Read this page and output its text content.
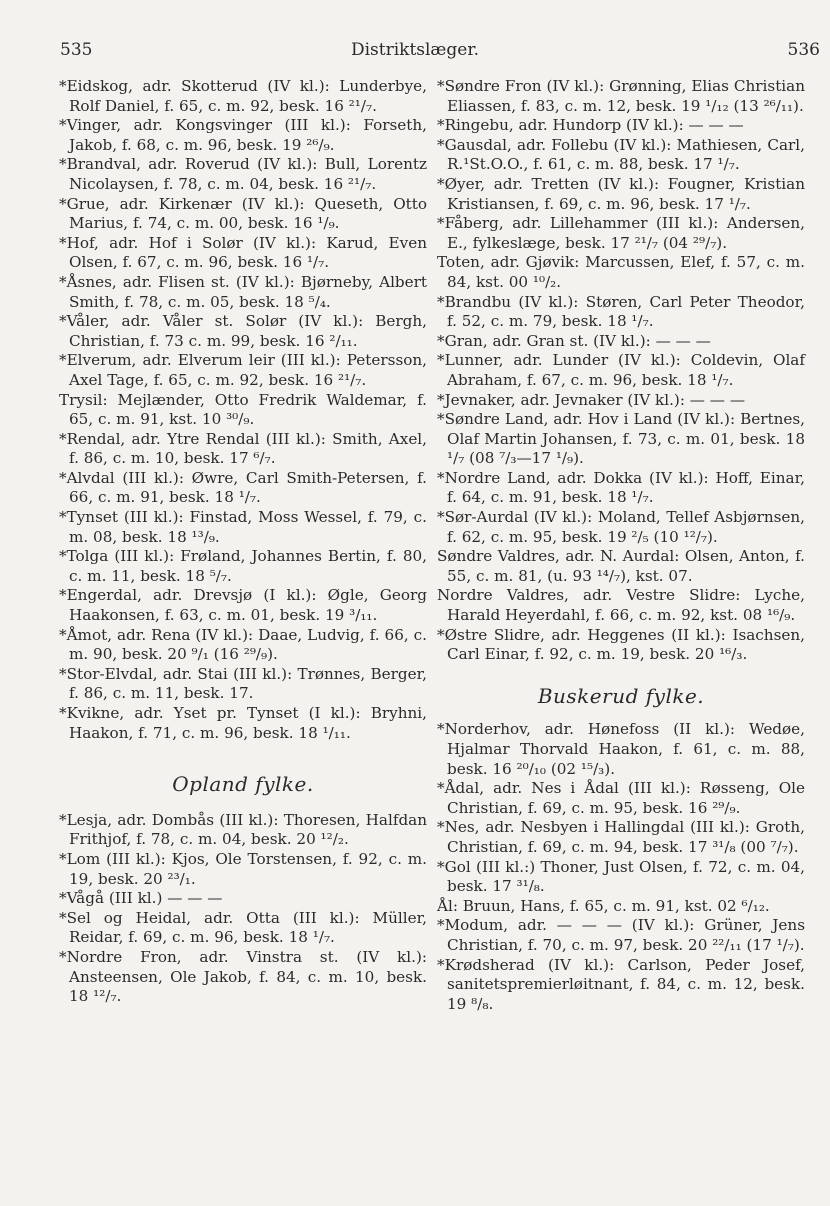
535	Distriktslæger.	536

*Eidskog, adr. Skotterud (IV kl.): Lunderbye, Rolf Daniel, f. 65, c. m. 92, besk. 16 ²¹/₇.

*Vinger, adr. Kongsvinger (III kl.): Forseth, Jakob, f. 68, c. m. 96, besk. 19 ²⁶/₉.

*Brandval, adr. Roverud (IV kl.): Bull, Lorentz Nicolaysen, f. 78, c. m. 04, besk. 16 ²¹/₇.

*Grue, adr. Kirkenær (IV kl.): Queseth, Otto Marius, f. 74, c. m. 00, besk. 16 ¹/₉.

*Hof, adr. Hof i Solør (IV kl.): Karud, Even Olsen, f. 67, c. m. 96, besk. 16 ¹/₇.

*Åsnes, adr. Flisen st. (IV kl.): Bjørneby, Albert Smith, f. 78, c. m. 05, besk. 18 ⁵/₄.

*Våler, adr. Våler st. Solør (IV kl.): Bergh, Christian, f. 73 c. m. 99, besk. 16 ²/₁₁.

*Elverum, adr. Elverum leir (III kl.): Petersson, Axel Tage, f. 65, c. m. 92, besk. 16 ²¹/₇.

Trysil: Mejlænder, Otto Fredrik Waldemar, f. 65, c. m. 91, kst. 10 ³⁰/₉.

*Rendal, adr. Ytre Rendal (III kl.): Smith, Axel, f. 86, c. m. 10, besk. 17 ⁶/₇.

*Alvdal (III kl.): Øwre, Carl Smith-Petersen, f. 66, c. m. 91, besk. 18 ¹/₇.

*Tynset (III kl.): Finstad, Moss Wessel, f. 79, c. m. 08, besk. 18 ¹³/₉.

*Tolga (III kl.): Frøland, Johannes Bertin, f. 80, c. m. 11, besk. 18 ⁵/₇.

*Engerdal, adr. Drevsjø (I kl.): Øgle, Georg Haakonsen, f. 63, c. m. 01, besk. 19 ³/₁₁.

*Åmot, adr. Rena (IV kl.): Daae, Ludvig, f. 66, c. m. 90, besk. 20 ⁹/₁ (16 ²⁹/₉).

*Stor-Elvdal, adr. Stai (III kl.): Trønnes, Berger, f. 86, c. m. 11, besk. 17.

*Kvikne, adr. Yset pr. Tynset (I kl.): Bryhni, Haakon, f. 71, c. m. 96, besk. 18 ¹/₁₁.

Opland fylke.

*Lesja, adr. Dombås (III kl.): Thoresen, Halfdan Frithjof, f. 78, c. m. 04, besk. 20 ¹²/₂.

*Lom (III kl.): Kjos, Ole Torstensen, f. 92, c. m. 19, besk. 20 ²³/₁.

*Vågå (III kl.) — — —

*Sel og Heidal, adr. Otta (III kl.): Müller, Reidar, f. 69, c. m. 96, besk. 18 ¹/₇.

*Nordre Fron, adr. Vinstra st. (IV kl.): Ansteensen, Ole Jakob, f. 84, c. m. 10, besk. 18 ¹²/₇.

*Søndre Fron (IV kl.): Grønning, Elias Christian Eliassen, f. 83, c. m. 12, besk. 19 ¹/₁₂ (13 ²⁶/₁₁).

*Ringebu, adr. Hundorp (IV kl.): — — —

*Gausdal, adr. Follebu (IV kl.): Mathiesen, Carl, R.¹St.O.O., f. 61, c. m. 88, besk. 17 ¹/₇.

*Øyer, adr. Tretten (IV kl.): Fougner, Kristian Kristiansen, f. 69, c. m. 96, besk. 17 ¹/₇.

*Fåberg, adr. Lillehammer (III kl.): Andersen, E., fylkeslæge, besk. 17 ²¹/₇ (04 ²⁹/₇).

Toten, adr. Gjøvik: Marcussen, Elef, f. 57, c. m. 84, kst. 00 ¹⁰/₂.

*Brandbu (IV kl.): Støren, Carl Peter Theodor, f. 52, c. m. 79, besk. 18 ¹/₇.

*Gran, adr. Gran st. (IV kl.): — — —

*Lunner, adr. Lunder (IV kl.): Coldevin, Olaf Abraham, f. 67, c. m. 96, besk. 18 ¹/₇.

*Jevnaker, adr. Jevnaker (IV kl.): — — —

*Søndre Land, adr. Hov i Land (IV kl.): Bertnes, Olaf Martin Johansen, f. 73, c. m. 01, besk. 18 ¹/₇ (08 ⁷/₃—17 ¹/₉).

*Nordre Land, adr. Dokka (IV kl.): Hoff, Einar, f. 64, c. m. 91, besk. 18 ¹/₇.

*Sør-Aurdal (IV kl.): Moland, Tellef Asbjørnsen, f. 62, c. m. 95, besk. 19 ²/₅ (10 ¹²/₇).

Søndre Valdres, adr. N. Aurdal: Olsen, Anton, f. 55, c. m. 81, (u. 93 ¹⁴/₇), kst. 07.

Nordre Valdres, adr. Vestre Slidre: Lyche, Harald Heyerdahl, f. 66, c. m. 92, kst. 08 ¹⁶/₉.

*Østre Slidre, adr. Heggenes (II kl.): Isachsen, Carl Einar, f. 92, c. m. 19, besk. 20 ¹⁶/₃.

Buskerud fylke.

*Norderhov, adr. Hønefoss (II kl.): Wedøe, Hjalmar Thorvald Haakon, f. 61, c. m. 88, besk. 16 ²⁰/₁₀ (02 ¹⁵/₃).

*Ådal, adr. Nes i Ådal (III kl.): Røsseng, Ole Christian, f. 69, c. m. 95, besk. 16 ²⁹/₉.

*Nes, adr. Nesbyen i Hallingdal (III kl.): Groth, Christian, f. 69, c. m. 94, besk. 17 ³¹/₈ (00 ⁷/₇).

*Gol (III kl.:) Thoner, Just Olsen, f. 72, c. m. 04, besk. 17 ³¹/₈.

Ål: Bruun, Hans, f. 65, c. m. 91, kst. 02 ⁶/₁₂.

*Modum, adr. — — — (IV kl.): Grüner, Jens Christian, f. 70, c. m. 97, besk. 20 ²²/₁₁ (17 ¹/₇).

*Krødsherad (IV kl.): Carlson, Peder Josef, sanitetspremierløitnant, f. 84, c. m. 12, besk. 19 ⁸/₈.
